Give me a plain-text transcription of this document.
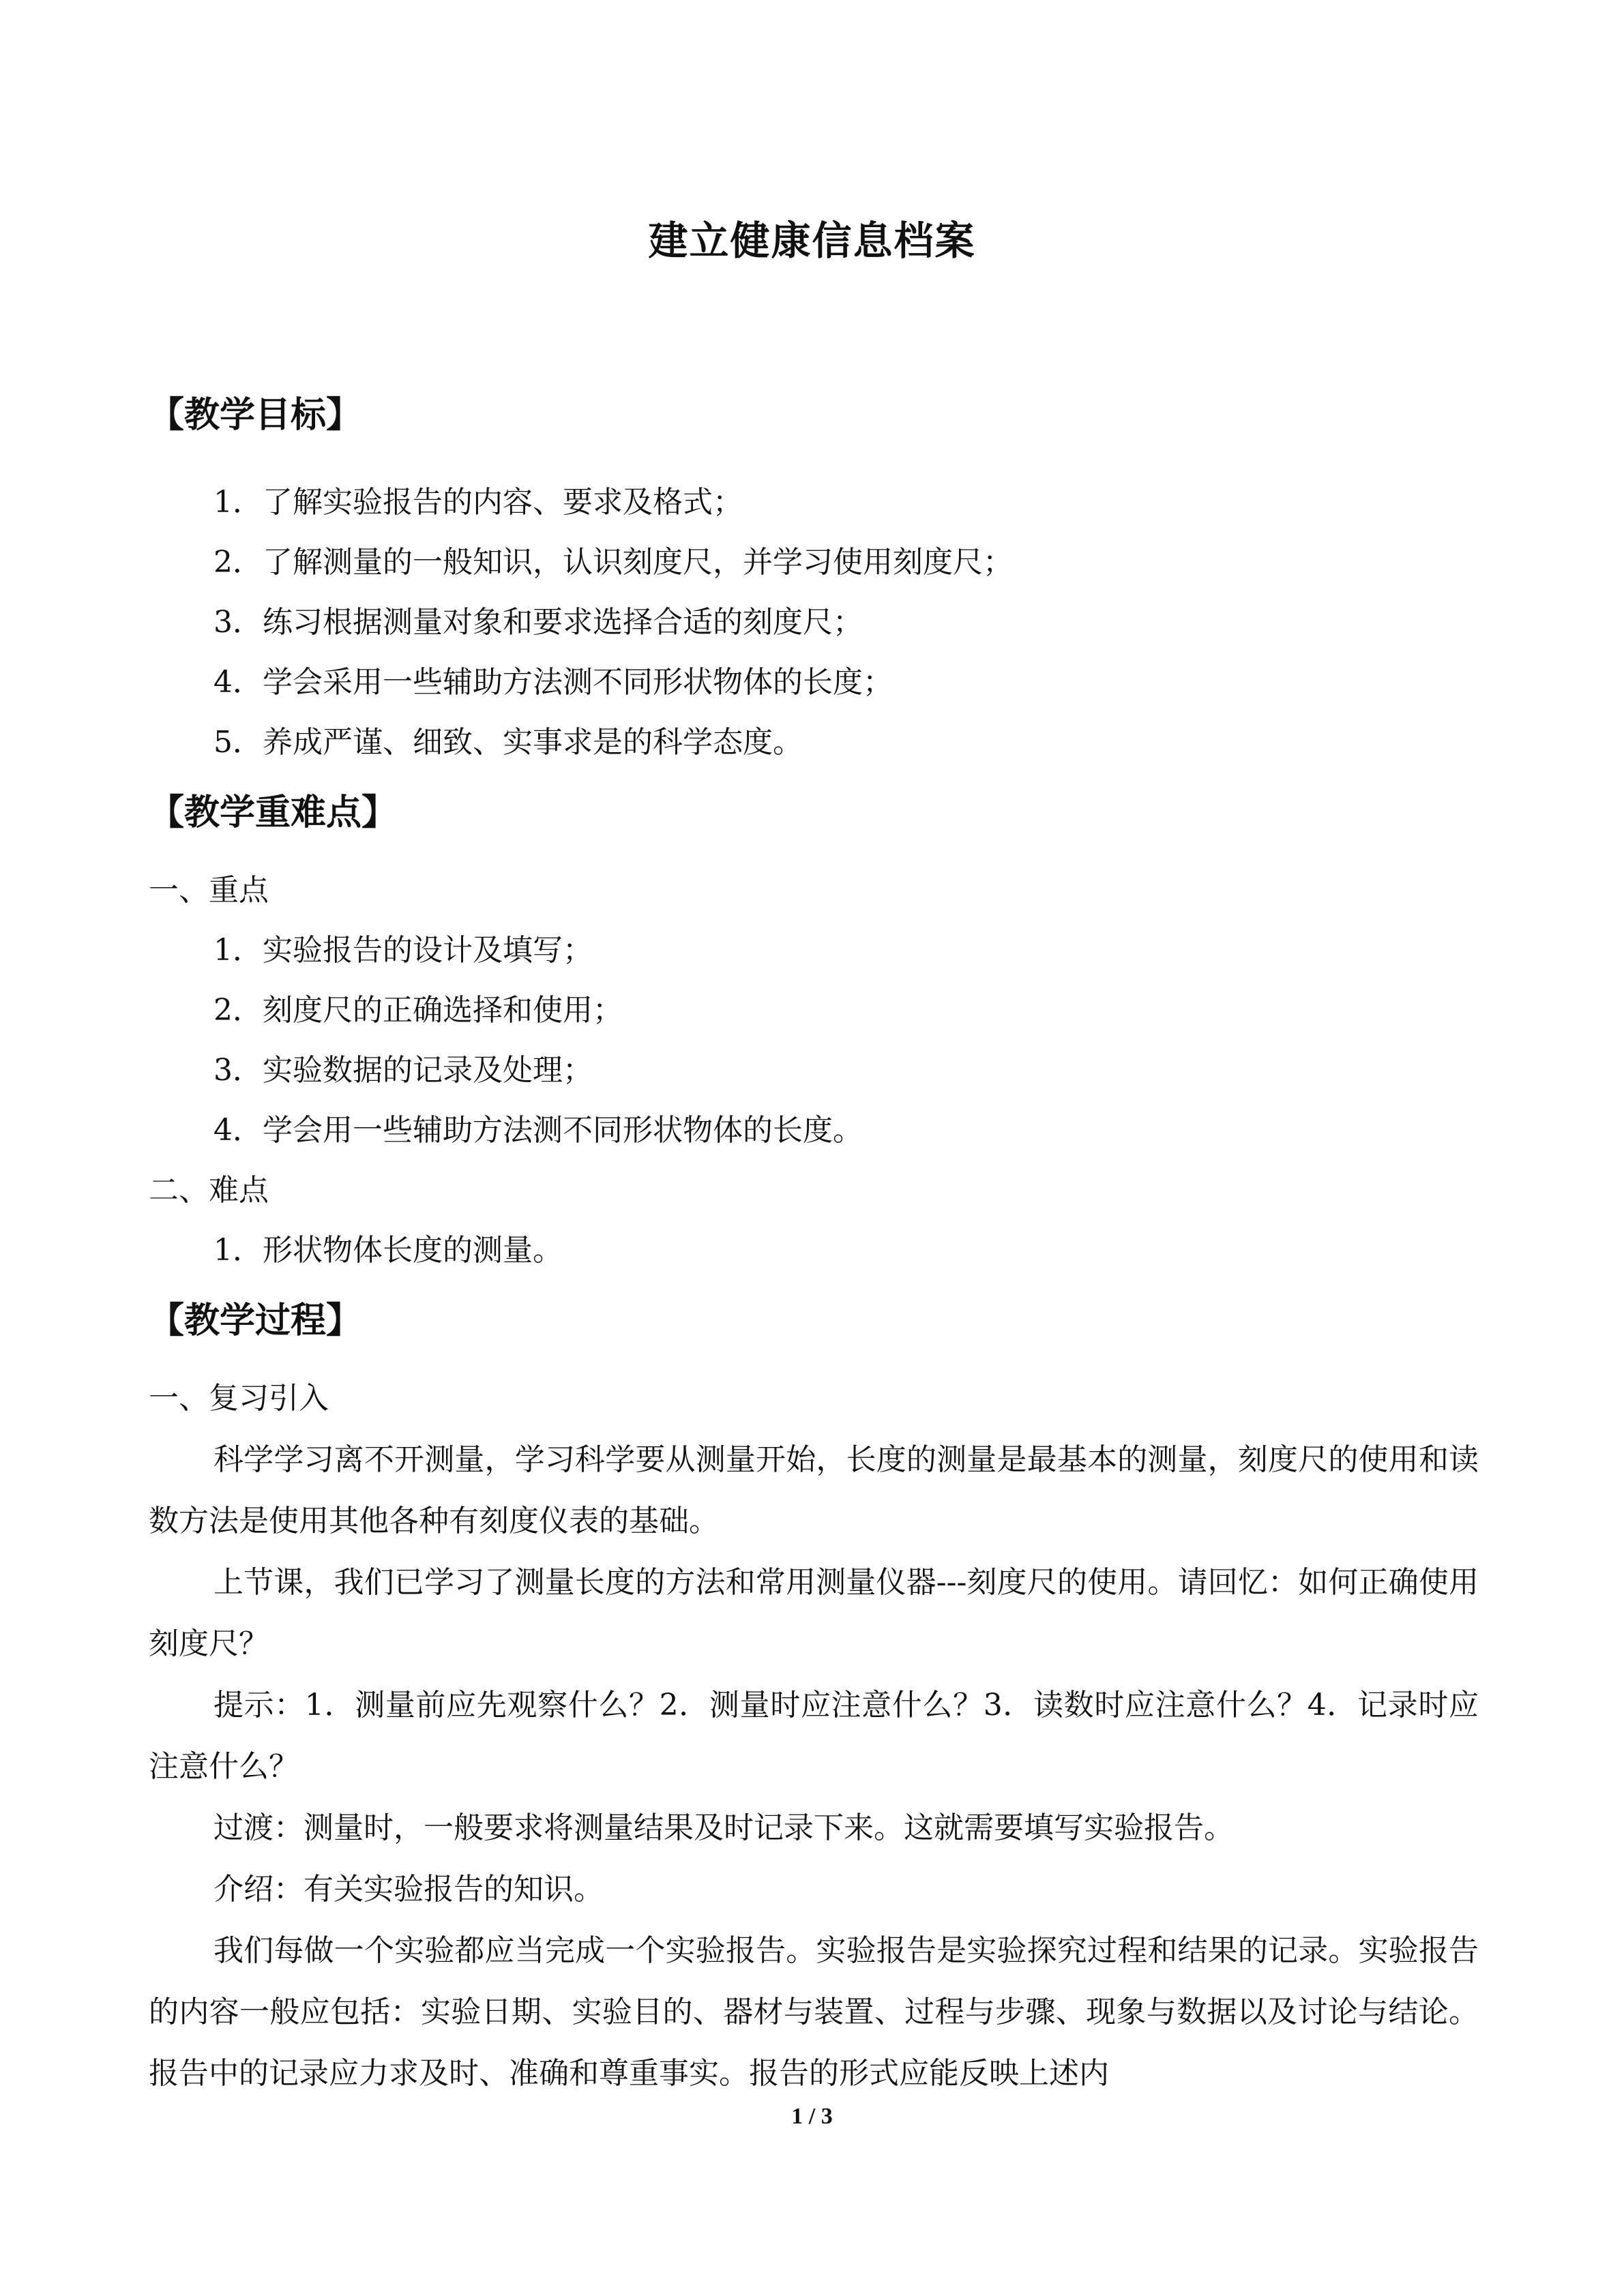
建立健康信息档案
【教学目标】
1．了解实验报告的内容、要求及格式；
2．了解测量的一般知识，认识刻度尺，并学习使用刻度尺；
3．练习根据测量对象和要求选择合适的刻度尺；
4．学会采用一些辅助方法测不同形状物体的长度；
5．养成严谨、细致、实事求是的科学态度。
【教学重难点】
一、重点
1．实验报告的设计及填写；
2．刻度尺的正确选择和使用；
3．实验数据的记录及处理；
4．学会用一些辅助方法测不同形状物体的长度。
二、难点
1．形状物体长度的测量。
【教学过程】
一、复习引入
科学学习离不开测量，学习科学要从测量开始，长度的测量是最基本的测量，刻度尺的使用和读数方法是使用其他各种有刻度仪表的基础。
上节课，我们已学习了测量长度的方法和常用测量仪器---刻度尺的使用。请回忆：如何正确使用刻度尺？
提示：1．测量前应先观察什么？2．测量时应注意什么？3．读数时应注意什么？4．记录时应注意什么？
过渡：测量时，一般要求将测量结果及时记录下来。这就需要填写实验报告。
介绍：有关实验报告的知识。
我们每做一个实验都应当完成一个实验报告。实验报告是实验探究过程和结果的记录。实验报告的内容一般应包括：实验日期、实验目的、器材与装置、过程与步骤、现象与数据以及讨论与结论。报告中的记录应力求及时、准确和尊重事实。报告的形式应能反映上述内
1 / 3
